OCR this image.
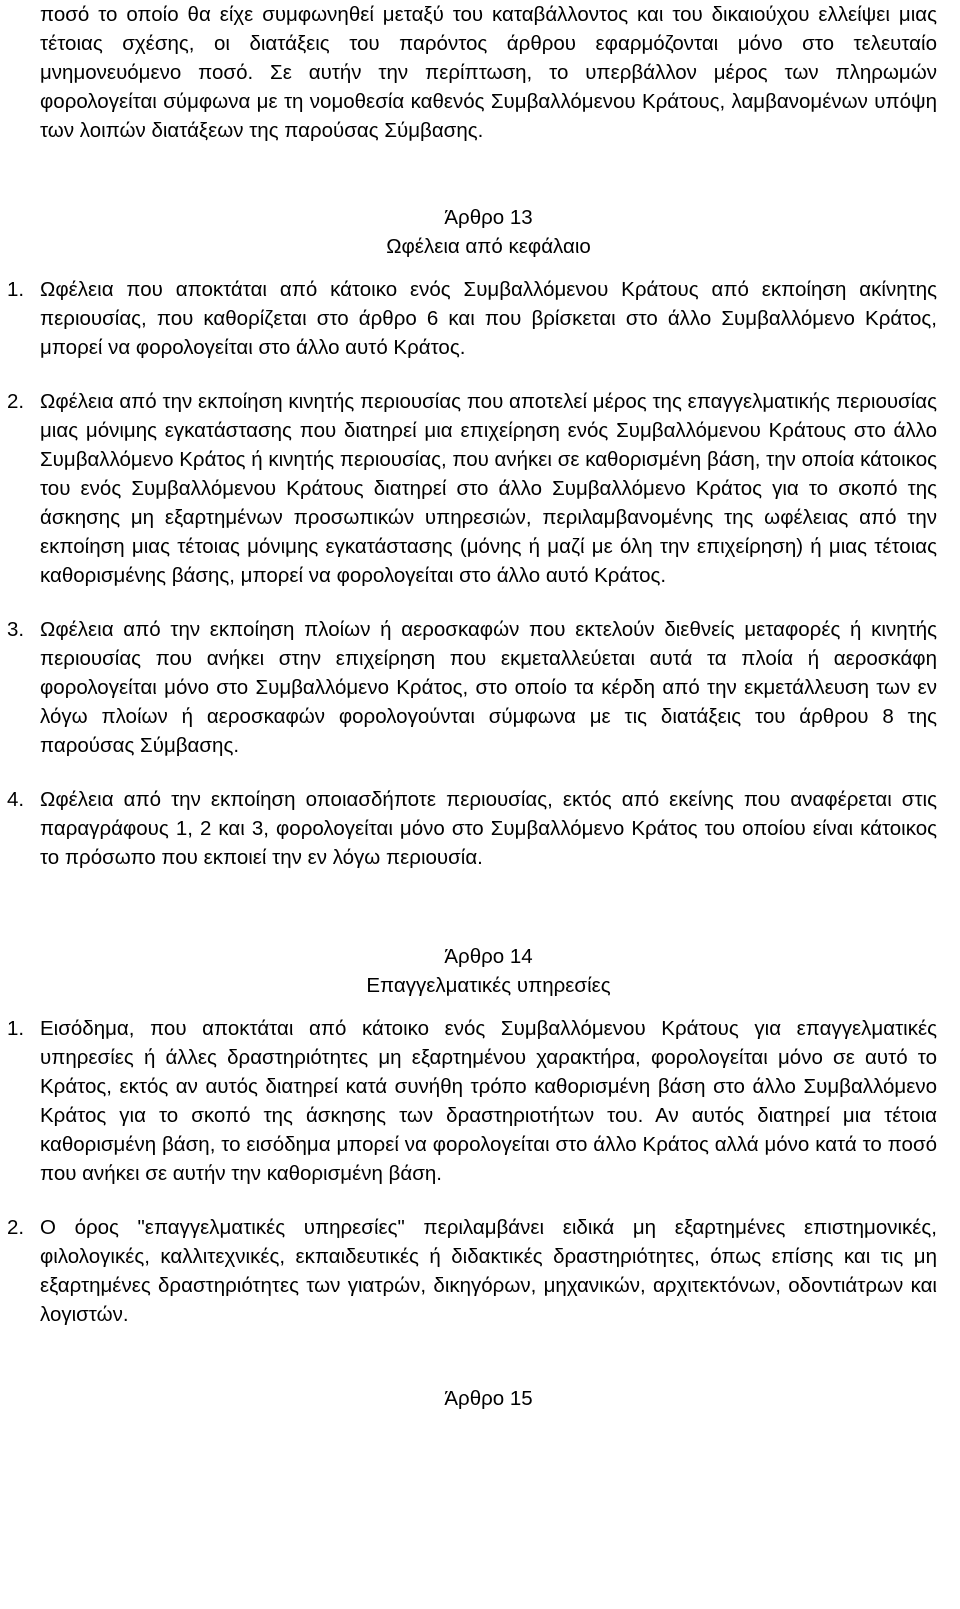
ποσό το οποίο θα είχε συμφωνηθεί μεταξύ του καταβάλλοντος και του δικαιούχου ελλείψει μιας τέτοιας σχέσης, οι διατάξεις του παρόντος άρθρου εφαρμόζονται μόνο στο τελευταίο μνημονευόμενο ποσό. Σε αυτήν την περίπτωση, το υπερβάλλον μέρος των πληρωμών φορολογείται σύμφωνα με τη νομοθεσία καθενός Συμβαλλόμενου Κράτους, λαμβανομένων υπόψη των λοιπών διατάξεων της παρούσας Σύμβασης.

Άρθρο 13

Ωφέλεια από κεφάλαιο

1. Ωφέλεια που αποκτάται από κάτοικο ενός Συμβαλλόμενου Κράτους από εκποίηση ακίνητης περιουσίας, που καθορίζεται στο άρθρο 6 και που βρίσκεται στο άλλο Συμβαλλόμενο Κράτος, μπορεί να φορολογείται στο άλλο αυτό Κράτος.

2. Ωφέλεια από την εκποίηση κινητής περιουσίας που αποτελεί μέρος της επαγγελματικής περιουσίας μιας μόνιμης εγκατάστασης που διατηρεί μια επιχείρηση ενός Συμβαλλόμενου Κράτους στο άλλο Συμβαλλόμενο Κράτος ή κινητής περιουσίας, που ανήκει σε καθορισμένη βάση, την οποία κάτοικος του ενός Συμβαλλόμενου Κράτους διατηρεί στο άλλο Συμβαλλόμενο Κράτος για το σκοπό της άσκησης μη εξαρτημένων προσωπικών υπηρεσιών, περιλαμβανομένης της ωφέλειας από την εκποίηση μιας τέτοιας μόνιμης εγκατάστασης (μόνης ή μαζί με όλη την επιχείρηση) ή μιας τέτοιας καθορισμένης βάσης, μπορεί να φορολογείται στο άλλο αυτό Κράτος.

3. Ωφέλεια από την εκποίηση πλοίων ή αεροσκαφών που εκτελούν διεθνείς μεταφορές ή κινητής περιουσίας που ανήκει στην επιχείρηση που εκμεταλλεύεται αυτά τα πλοία ή αεροσκάφη φορολογείται μόνο στο Συμβαλλόμενο Κράτος, στο οποίο τα κέρδη από την εκμετάλλευση των εν λόγω πλοίων ή αεροσκαφών φορολογούνται σύμφωνα με τις διατάξεις του άρθρου 8 της παρούσας Σύμβασης.

4. Ωφέλεια από την εκποίηση οποιασδήποτε περιουσίας, εκτός από εκείνης που αναφέρεται στις παραγράφους 1, 2 και 3, φορολογείται μόνο στο Συμβαλλόμενο Κράτος του οποίου είναι κάτοικος το πρόσωπο που εκποιεί την εν λόγω περιουσία.

Άρθρο 14

Επαγγελματικές υπηρεσίες

1. Εισόδημα, που αποκτάται από κάτοικο ενός Συμβαλλόμενου Κράτους για επαγγελματικές υπηρεσίες ή άλλες δραστηριότητες μη εξαρτημένου χαρακτήρα, φορολογείται μόνο σε αυτό το Κράτος, εκτός αν αυτός διατηρεί κατά συνήθη τρόπο καθορισμένη βάση στο άλλο Συμβαλλόμενο Κράτος για το σκοπό της άσκησης των δραστηριοτήτων του. Αν αυτός διατηρεί μια τέτοια καθορισμένη βάση, το εισόδημα μπορεί να φορολογείται στο άλλο Κράτος αλλά μόνο κατά το ποσό που ανήκει σε αυτήν την καθορισμένη βάση.

2. Ο όρος "επαγγελματικές υπηρεσίες" περιλαμβάνει ειδικά μη εξαρτημένες επιστημονικές, φιλολογικές, καλλιτεχνικές, εκπαιδευτικές ή διδακτικές δραστηριότητες, όπως επίσης και τις μη εξαρτημένες δραστηριότητες των γιατρών, δικηγόρων, μηχανικών, αρχιτεκτόνων, οδοντιάτρων και λογιστών.

Άρθρο 15
